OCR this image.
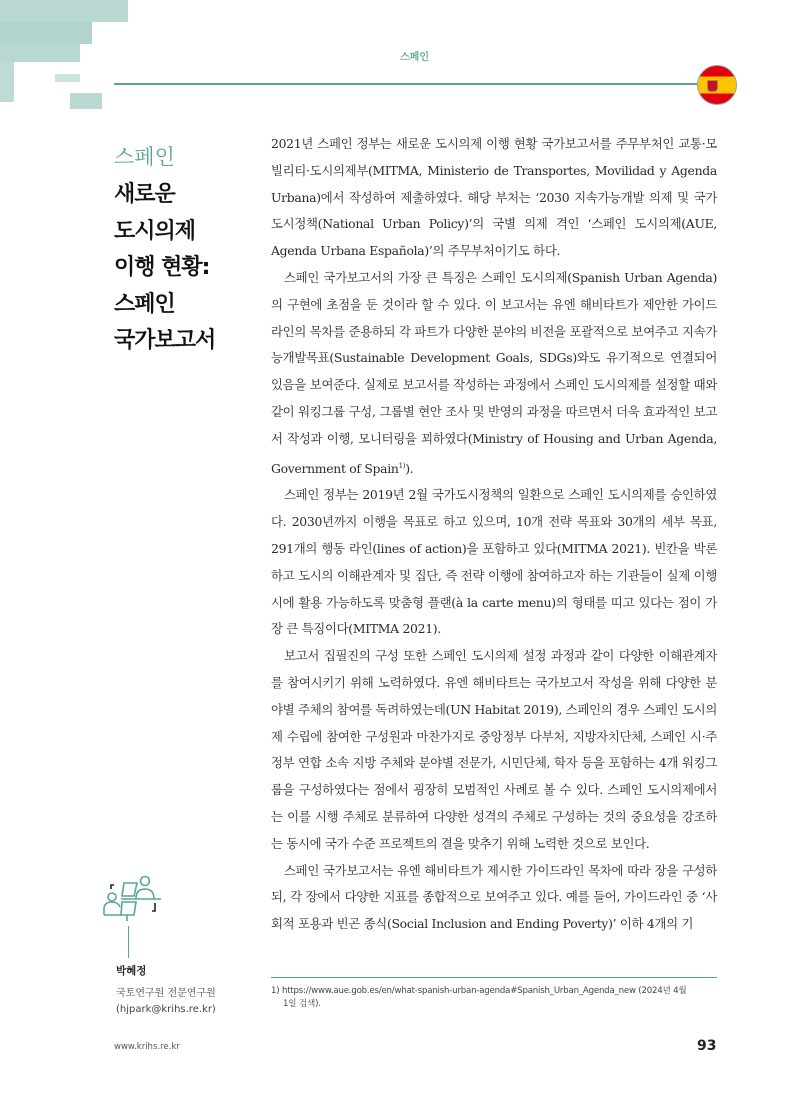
스페인
스페인
새로운
도시의제
이행 현황:
스페인
국가보고서

2021년 스페인 정부는 새로운 도시의제 이행 현황 국가보고서를 주무부처인 교통·모빌리티·도시의제부(MITMA, Ministerio de Transportes, Movilidad y Agenda Urbana)에서 작성하여 제출하였다. 해당 부처는 ‘2030 지속가능개발 의제 및 국가도시정책(National Urban Policy)’의 국별 의제 격인 ‘스페인 도시의제(AUE, Agenda Urbana Española)’의 주무부처이기도 하다.

스페인 국가보고서의 가장 큰 특징은 스페인 도시의제(Spanish Urban Agenda)의 구현에 초점을 둔 것이라 할 수 있다. 이 보고서는 유엔 해비타트가 제안한 가이드라인의 목차를 준용하되 각 파트가 다양한 분야의 비전을 포괄적으로 보여주고 지속가능개발목표(Sustainable Development Goals, SDGs)와도 유기적으로 연결되어 있음을 보여준다. 실제로 보고서를 작성하는 과정에서 스페인 도시의제를 설정할 때와 같이 워킹그룹 구성, 그룹별 현안 조사 및 반영의 과정을 따르면서 더욱 효과적인 보고서 작성과 이행, 모니터링을 꾀하였다(Ministry of Housing and Urban Agenda, Government of Spain$^{1)}$).

스페인 정부는 2019년 2월 국가도시정책의 일환으로 스페인 도시의제를 승인하였다. 2030년까지 이행을 목표로 하고 있으며, 10개 전략 목표와 30개의 세부 목표, 291개의 행동 라인(lines of action)을 포함하고 있다(MITMA 2021). 빈칸을 박론하고 도시의 이해관계자 및 집단, 즉 전략 이행에 참여하고자 하는 기관들이 실제 이행 시에 활용 가능하도록 맞춤형 플랜(à la carte menu)의 형태를 띠고 있다는 점이 가장 큰 특징이다(MITMA 2021).

보고서 집필진의 구성 또한 스페인 도시의제 설정 과정과 같이 다양한 이해관계자를 참여시키기 위해 노력하였다. 유엔 해비타트는 국가보고서 작성을 위해 다양한 분야별 주체의 참여를 독려하였는데(UN Habitat 2019), 스페인의 경우 스페인 도시의제 수립에 참여한 구성원과 마찬가지로 중앙정부 다부처, 지방자치단체, 스페인 시·주정부 연합 소속 지방 주체와 분야별 전문가, 시민단체, 학자 등을 포함하는 4개 워킹그룹을 구성하였다는 점에서 굉장히 모범적인 사례로 볼 수 있다. 스페인 도시의제에서는 이를 시행 주체로 분류하여 다양한 성격의 주체로 구성하는 것의 중요성을 강조하는 동시에 국가 수준 프로젝트의 결을 맞추기 위해 노력한 것으로 보인다.

스페인 국가보고서는 유엔 해비타트가 제시한 가이드라인 목차에 따라 장을 구성하되, 각 장에서 다양한 지표를 종합적으로 보여주고 있다. 예를 들어, 가이드라인 중 ‘사회적 포용과 빈곤 종식(Social Inclusion and Ending Poverty)’ 이하 4개의 기

1) https://www.aue.gob.es/en/what-spanish-urban-agenda#Spanish_Urban_Agenda_new (2024년 4월
1일 검색).
박혜정
국토연구원 전문연구원
(hjpark@krihs.re.kr)
www.krihs.re.kr	93
